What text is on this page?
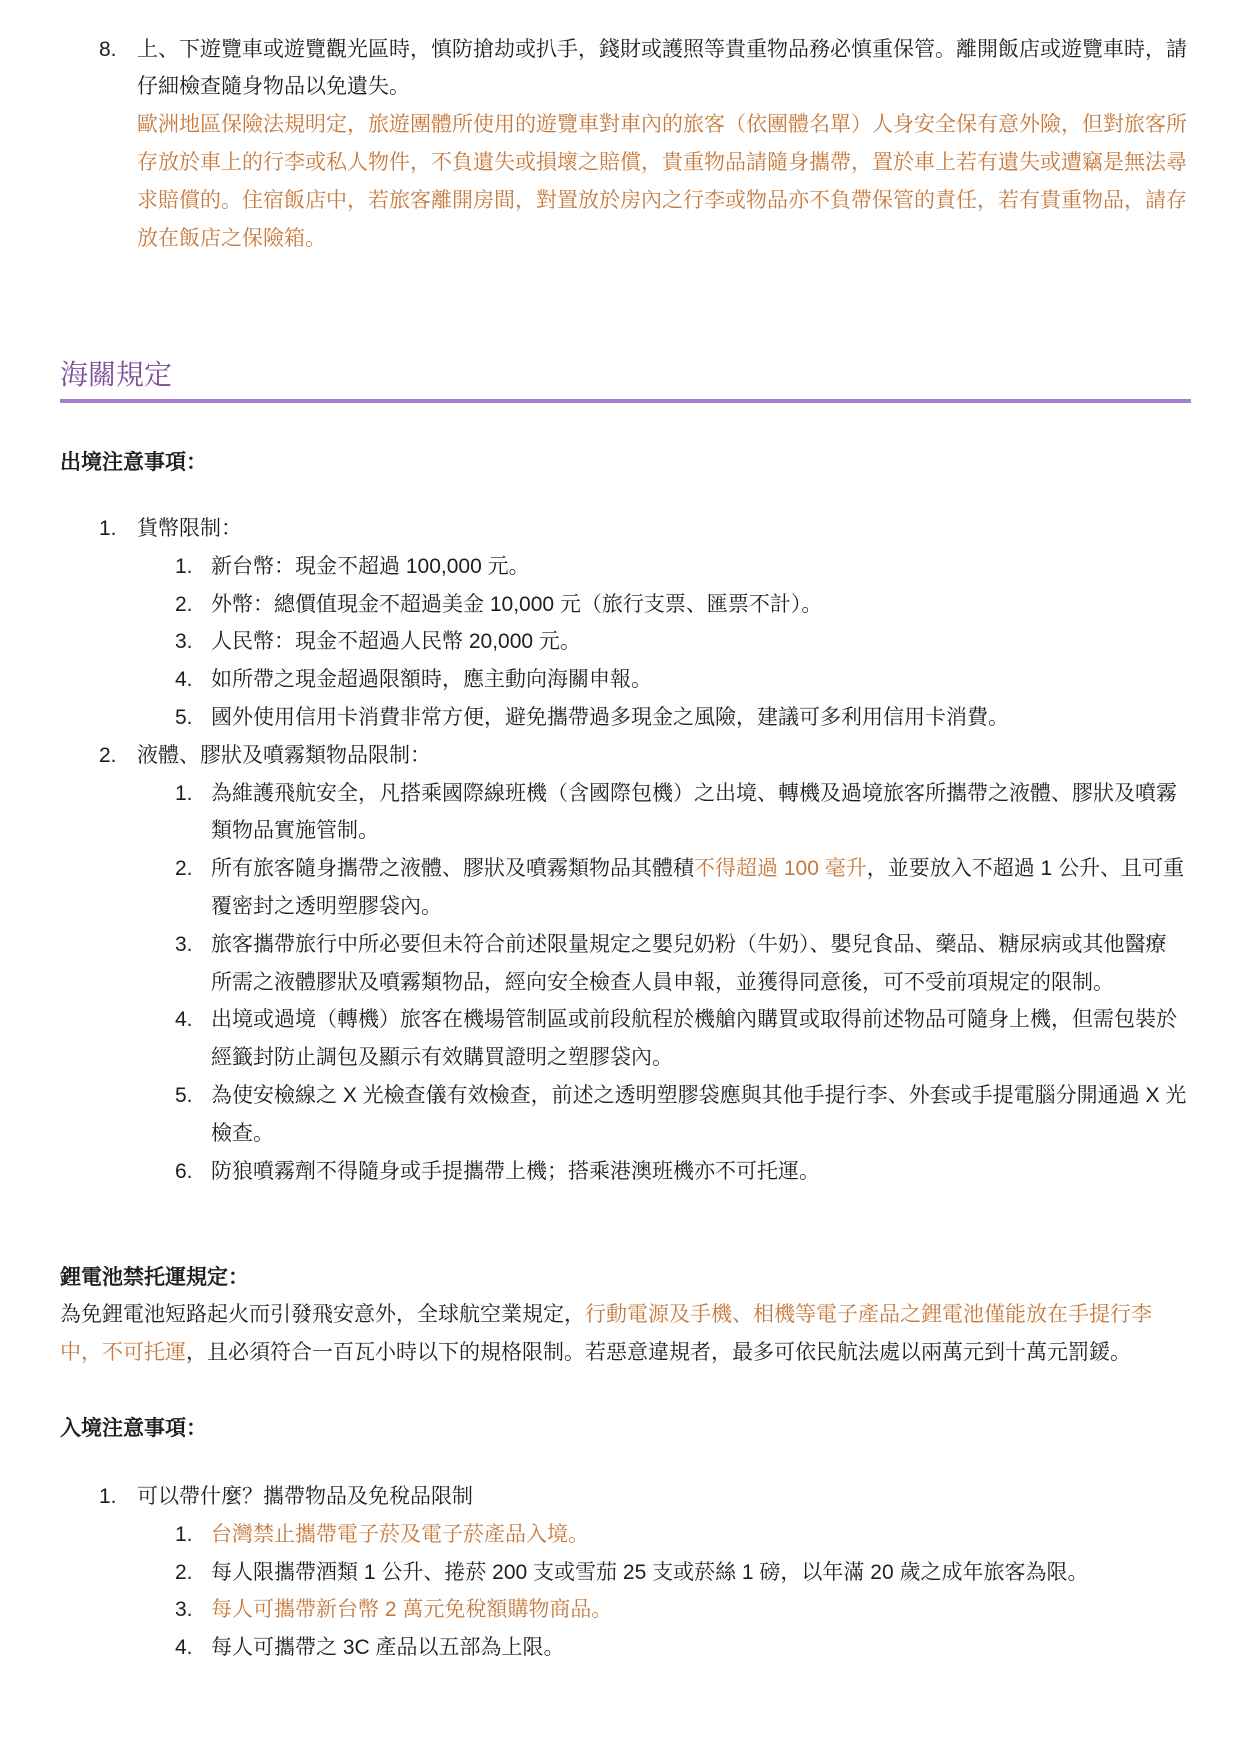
8. 上、下遊覽車或遊覽觀光區時，慎防搶劫或扒手，錢財或護照等貴重物品務必慎重保管。離開飯店或遊覽車時，請
仔細檢查隨身物品以免遺失。
歐洲地區保險法規明定，旅遊團體所使用的遊覽車對車內的旅客（依團體名單）人身安全保有意外險，但對旅客所
存放於車上的行李或私人物件，不負遺失或損壞之賠償，貴重物品請隨身攜帶，置於車上若有遺失或遭竊是無法尋
求賠償的。住宿飯店中，若旅客離開房間，對置放於房內之行李或物品亦不負帶保管的責任，若有貴重物品，請存
放在飯店之保險箱。
海關規定
出境注意事項：
1. 貨幣限制：
1. 新台幣：現金不超過 100,000 元。
2. 外幣：總價值現金不超過美金 10,000 元（旅行支票、匯票不計）。
3. 人民幣：現金不超過人民幣 20,000 元。
4. 如所帶之現金超過限額時，應主動向海關申報。
5. 國外使用信用卡消費非常方便，避免攜帶過多現金之風險，建議可多利用信用卡消費。
2. 液體、膠狀及噴霧類物品限制：
1. 為維護飛航安全，凡搭乘國際線班機（含國際包機）之出境、轉機及過境旅客所攜帶之液體、膠狀及噴霧
類物品實施管制。
2. 所有旅客隨身攜帶之液體、膠狀及噴霧類物品其體積不得超過 100 毫升，並要放入不超過 1 公升、且可重
覆密封之透明塑膠袋內。
3. 旅客攜帶旅行中所必要但未符合前述限量規定之嬰兒奶粉（牛奶）、嬰兒食品、藥品、糖尿病或其他醫療
所需之液體膠狀及噴霧類物品，經向安全檢查人員申報，並獲得同意後，可不受前項規定的限制。
4. 出境或過境（轉機）旅客在機場管制區或前段航程於機艙內購買或取得前述物品可隨身上機，但需包裝於
經籤封防止調包及顯示有效購買證明之塑膠袋內。
5. 為使安檢線之 X 光檢查儀有效檢查，前述之透明塑膠袋應與其他手提行李、外套或手提電腦分開通過 X 光
檢查。
6. 防狼噴霧劑不得隨身或手提攜帶上機；搭乘港澳班機亦不可托運。
鋰電池禁托運規定：
為免鋰電池短路起火而引發飛安意外，全球航空業規定，行動電源及手機、相機等電子產品之鋰電池僅能放在手提行李
中，不可托運，且必須符合一百瓦小時以下的規格限制。若惡意違規者，最多可依民航法處以兩萬元到十萬元罰鍰。
入境注意事項：
1. 可以帶什麼？攜帶物品及免稅品限制
1. 台灣禁止攜帶電子菸及電子菸產品入境。
2. 每人限攜帶酒類 1 公升、捲菸 200 支或雪茄 25 支或菸絲 1 磅，以年滿 20 歲之成年旅客為限。
3. 每人可攜帶新台幣 2 萬元免稅額購物商品。
4. 每人可攜帶之 3C 產品以五部為上限。
